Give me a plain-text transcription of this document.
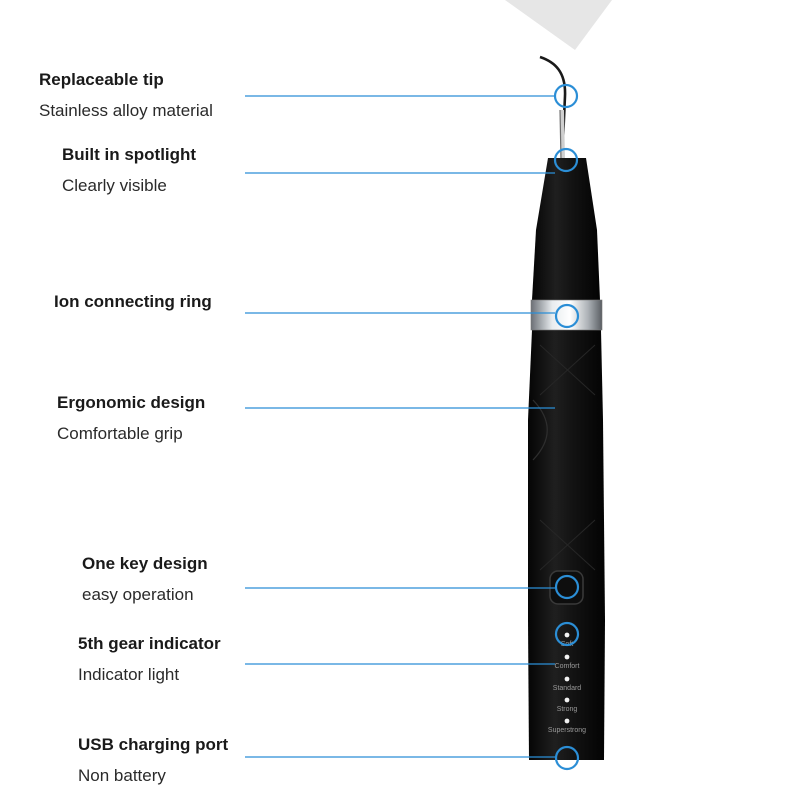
Soft
Comfort
Standard
Strong
Superstrong
Replaceable tip
Stainless alloy material
Built in spotlight
Clearly visible
Ion connecting ring
Ergonomic design
Comfortable grip
One key design
easy operation
5th gear indicator
Indicator light
USB charging port
Non battery
